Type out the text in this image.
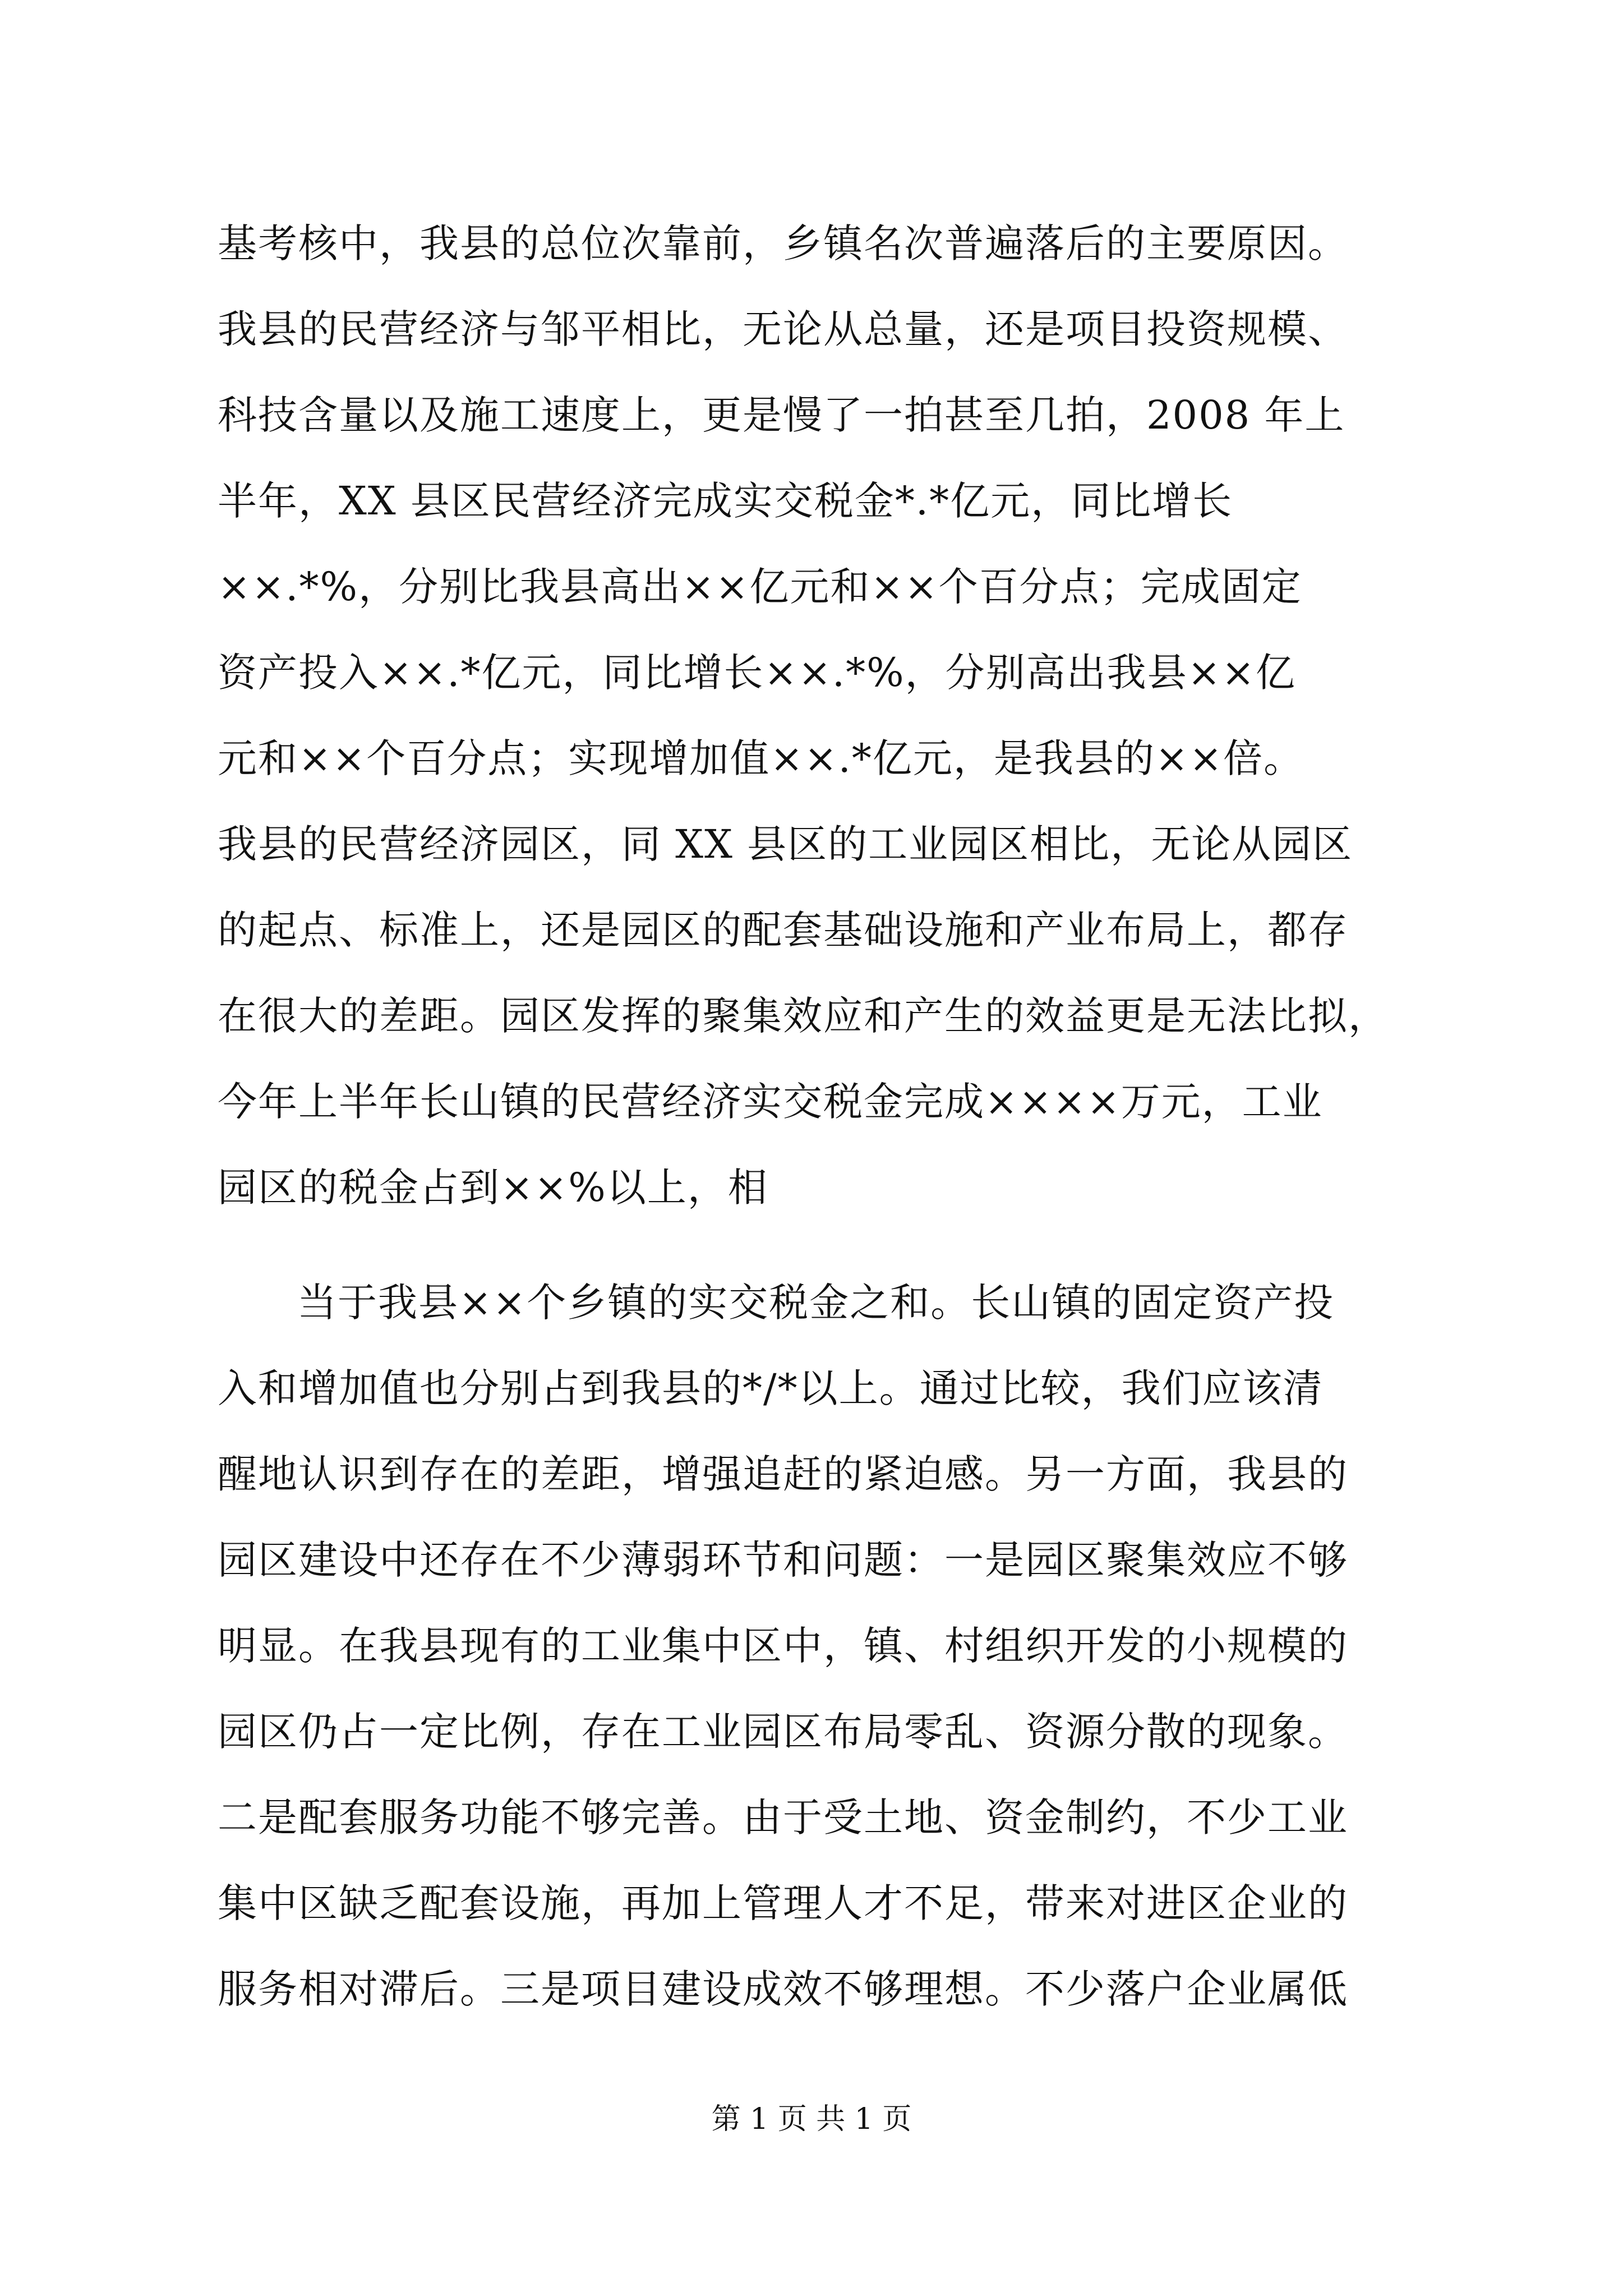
基考核中，我县的总位次靠前，乡镇名次普遍落后的主要原因。
我县的民营经济与邹平相比，无论从总量，还是项目投资规模、
科技含量以及施工速度上，更是慢了一拍甚至几拍，2008 年上
半年，XX 县区民营经济完成实交税金*.*亿元，同比增长
××.*%，分别比我县高出××亿元和××个百分点；完成固定
资产投入××.*亿元，同比增长××.*%，分别高出我县××亿
元和××个百分点；实现增加值××.*亿元，是我县的××倍。
我县的民营经济园区，同 XX 县区的工业园区相比，无论从园区
的起点、标准上，还是园区的配套基础设施和产业布局上，都存
在很大的差距。园区发挥的聚集效应和产生的效益更是无法比拟，
今年上半年长山镇的民营经济实交税金完成××××万元，工业
园区的税金占到××%以上，相
当于我县××个乡镇的实交税金之和。长山镇的固定资产投
入和增加值也分别占到我县的*/*以上。通过比较，我们应该清
醒地认识到存在的差距，增强追赶的紧迫感。另一方面，我县的
园区建设中还存在不少薄弱环节和问题：一是园区聚集效应不够
明显。在我县现有的工业集中区中，镇、村组织开发的小规模的
园区仍占一定比例，存在工业园区布局零乱、资源分散的现象。
二是配套服务功能不够完善。由于受土地、资金制约，不少工业
集中区缺乏配套设施，再加上管理人才不足，带来对进区企业的
服务相对滞后。三是项目建设成效不够理想。不少落户企业属低
第 1 页 共 1 页
